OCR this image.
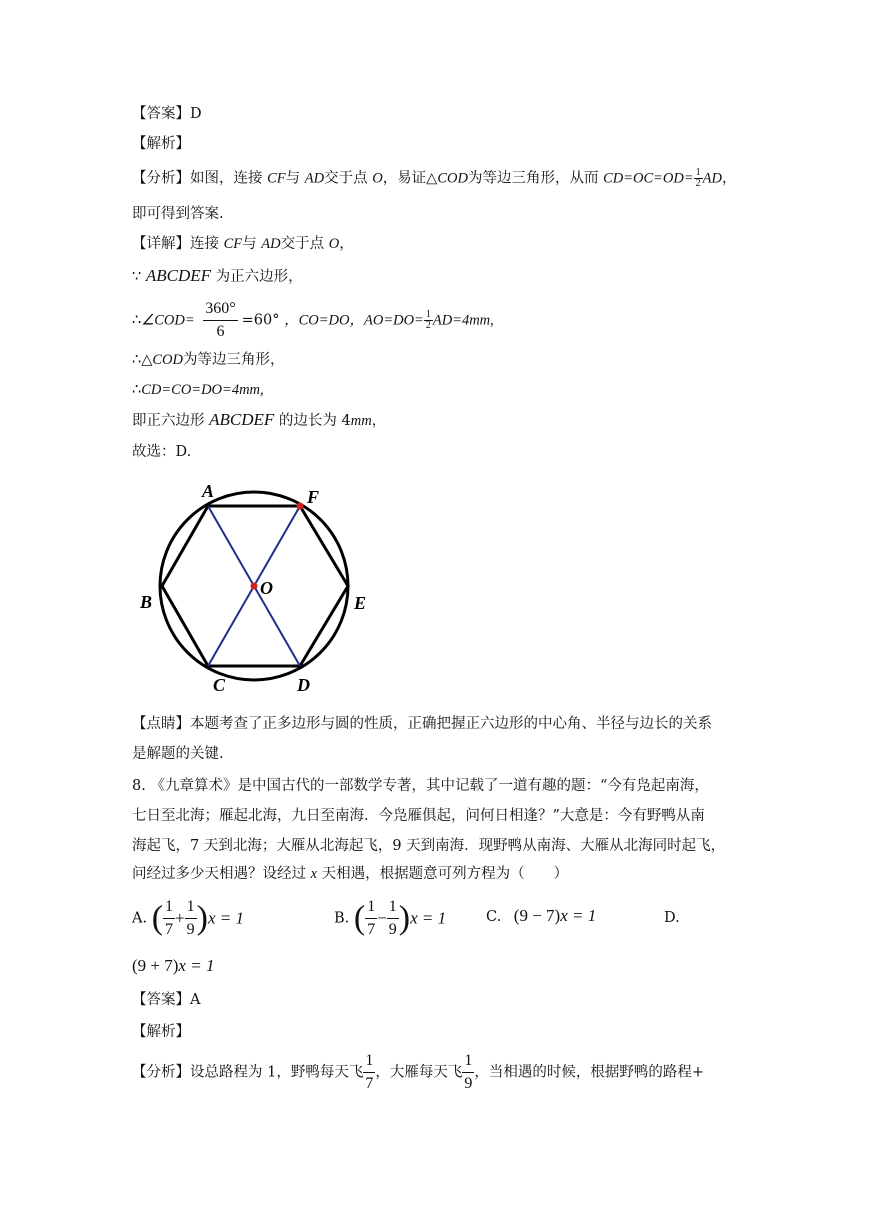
【答案】D
【解析】
【分析】如图，连接 CF与 AD交于点 O，易证△COD为等边三角形，从而 $CD=OC=OD= \frac{1}{2}$ AD，
即可得到答案.
【详解】连接 CF与 AD交于点 O，
∵ ABCDEF 为正六边形，
∴∠COD= $\frac{360^\circ}{6} =60^\circ$ ，CO=DO，$AO=DO= \frac{1}{2} AD=4mm$,
∴△COD为等边三角形，
∴CD=CO=DO=4mm,
即正六边形 ABCDEF 的边长为 4mm，
故选：D.
A	F
B
O
E
C	D
【点睛】本题考查了正多边形与圆的性质，正确把握正六边形的中心角、半径与边长的关系
是解题的关键.
8. 《九章算术》是中国古代的一部数学专著，其中记载了一道有趣的题：“今有凫起南海，
七日至北海；雁起北海，九日至南海．今凫雁俱起，问何日相逢？”大意是：今有野鸭从南
海起飞，7 天到北海；大雁从北海起飞，9 天到南海．现野鸭从南海、大雁从北海同时起飞，
问经过多少天相遇？设经过 x 天相遇，根据题意可列方程为（　　）
A. ( $\frac{1}{7} + \frac{1}{9} )x = 1$	B. ( $\frac{1}{7} - \frac{1}{9} )x = 1$	C. (9 − 7)x = 1	D.
(9 + 7)x = 1
【答案】A
【解析】
【分析】设总路程为 1，野鸭每天飞 $\frac{1}{7}$ ，大雁每天飞 $\frac{1}{9}$ ，当相遇的时候，根据野鸭的路程+
